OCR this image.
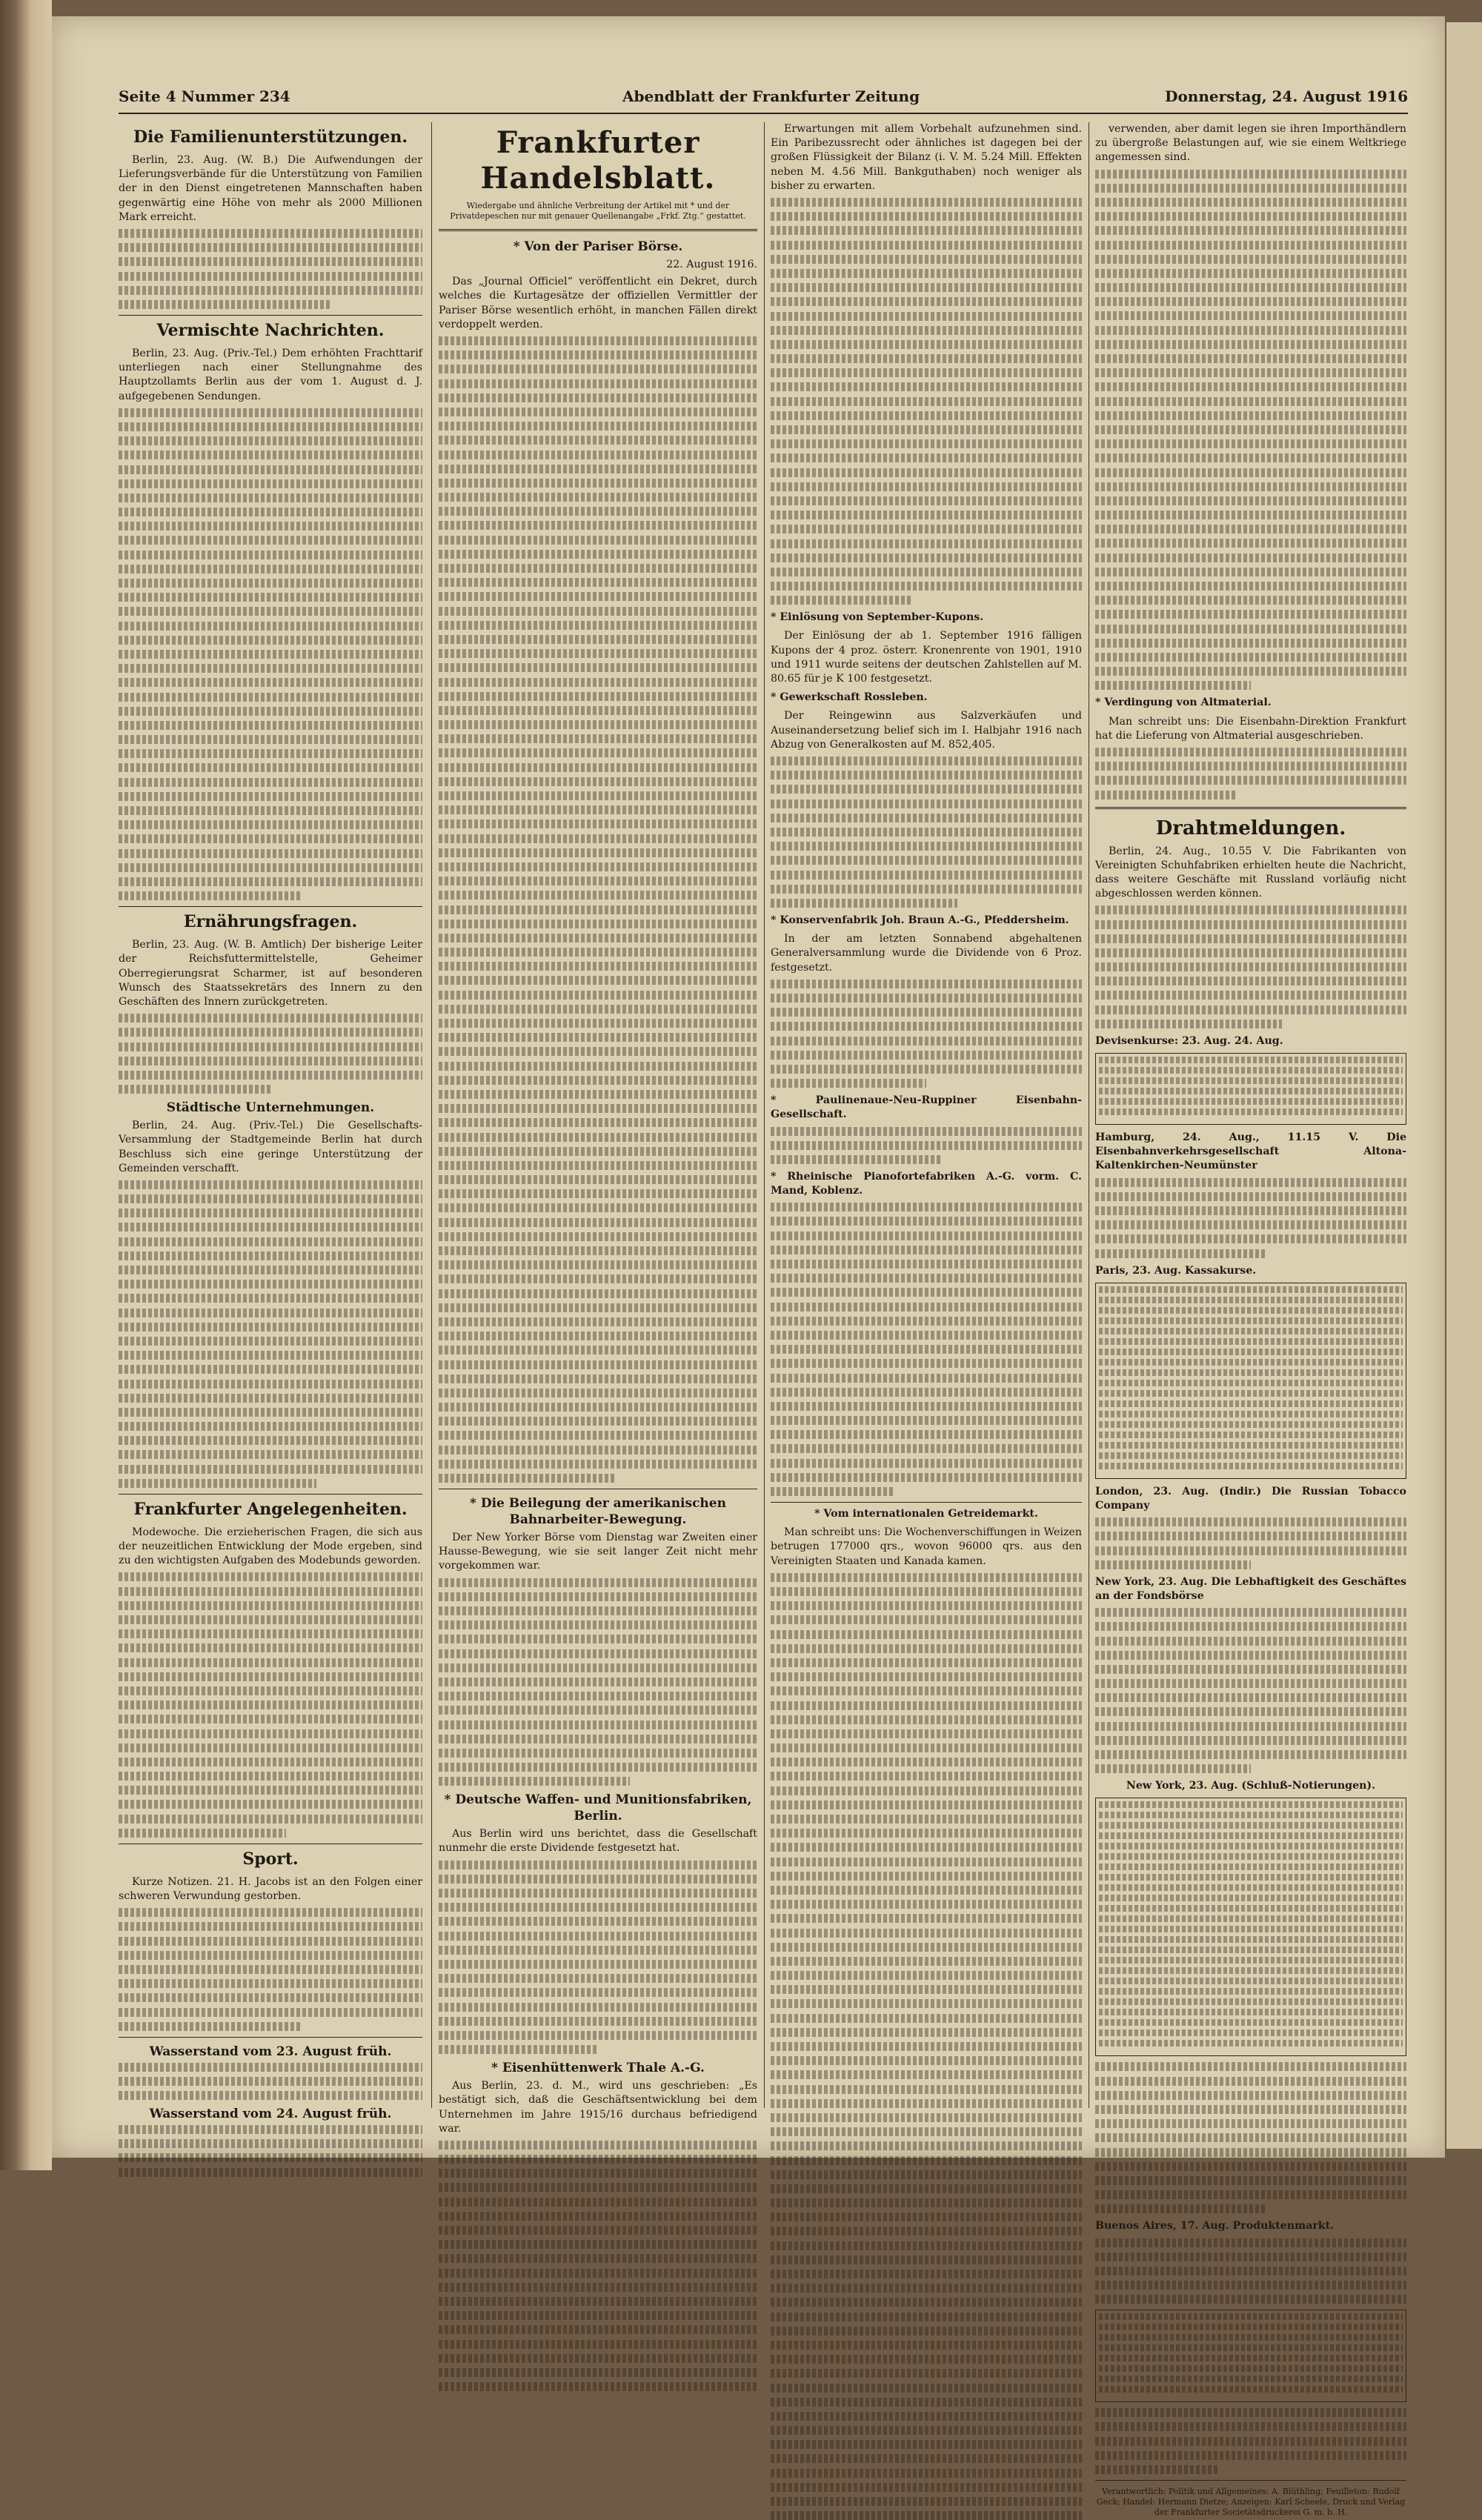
Seite 4 Nummer 234	Abendblatt der Frankfurter Zeitung	Donnerstag, 24. August 1916
Die Familienunterstützungen.

Berlin, 23. Aug. (W. B.) Die Aufwendungen der Lieferungsverbände für die Unterstützung von Familien der in den Dienst eingetretenen Mannschaften haben gegenwärtig eine Höhe von mehr als 2000 Millionen Mark erreicht.

Vermischte Nachrichten.

Berlin, 23. Aug. (Priv.-Tel.) Dem erhöhten Frachttarif unterliegen nach einer Stellungnahme des Hauptzollamts Berlin aus der vom 1. August d. J. aufgegebenen Sendungen.

Ernährungsfragen.

Berlin, 23. Aug. (W. B. Amtlich) Der bisherige Leiter der Reichsfuttermittelstelle, Geheimer Oberregierungsrat Scharmer, ist auf besonderen Wunsch des Staatssekretärs des Innern zu den Geschäften des Innern zurückgetreten.

Städtische Unternehmungen.

Berlin, 24. Aug. (Priv.-Tel.) Die Gesellschafts-Versammlung der Stadtgemeinde Berlin hat durch Beschluss sich eine geringe Unterstützung der Gemeinden verschafft.

Frankfurter Angelegenheiten.

Modewoche. Die erzieherischen Fragen, die sich aus der neuzeitlichen Entwicklung der Mode ergeben, sind zu den wichtigsten Aufgaben des Modebunds geworden.

Sport.

Kurze Notizen. 21. H. Jacobs ist an den Folgen einer schweren Verwundung gestorben.

Wasserstand vom 23. August früh.
Wasserstand vom 24. August früh.
Frankfurter Handelsblatt.
Wiedergabe und ähnliche Verbreitung der Artikel mit * und der Privatdepeschen nur mit genauer Quellenangabe „Frkf. Ztg.“ gestattet.
* Von der Pariser Börse.
22. August 1916.

Das „Journal Officiel“ veröffentlicht ein Dekret, durch welches die Kurtagesätze der offiziellen Vermittler der Pariser Börse wesentlich erhöht, in manchen Fällen direkt verdoppelt werden.

* Die Beilegung der amerikanischen Bahnarbeiter-Bewegung.

Der New Yorker Börse vom Dienstag war Zweiten einer Hausse-Bewegung, wie sie seit langer Zeit nicht mehr vorgekommen war.

* Deutsche Waffen- und Munitionsfabriken, Berlin.

Aus Berlin wird uns berichtet, dass die Gesellschaft nunmehr die erste Dividende festgesetzt hat.

* Eisenhüttenwerk Thale A.-G.

Aus Berlin, 23. d. M., wird uns geschrieben: „Es bestätigt sich, daß die Geschäftsentwicklung bei dem Unternehmen im Jahre 1915/16 durchaus befriedigend war.

Erwartungen mit allem Vorbehalt aufzunehmen sind. Ein Paribezussrecht oder ähnliches ist dagegen bei der großen Flüssigkeit der Bilanz (i. V. M. 5.24 Mill. Effekten neben M. 4.56 Mill. Bankguthaben) noch weniger als bisher zu erwarten.

* Einlösung von September-Kupons.

Der Einlösung der ab 1. September 1916 fälligen Kupons der 4 proz. österr. Kronenrente von 1901, 1910 und 1911 wurde seitens der deutschen Zahlstellen auf M. 80.65 für je K 100 festgesetzt.

* Gewerkschaft Rossleben.

Der Reingewinn aus Salzverkäufen und Auseinandersetzung belief sich im I. Halbjahr 1916 nach Abzug von Generalkosten auf M. 852,405.

* Konservenfabrik Joh. Braun A.-G., Pfeddersheim.

In der am letzten Sonnabend abgehaltenen Generalversammlung wurde die Dividende von 6 Proz. festgesetzt.

* Paulinenaue-Neu-Ruppiner Eisenbahn-Gesellschaft.

* Rheinische Pianofortefabriken A.-G. vorm. C. Mand, Koblenz.

* Vom internationalen Getreidemarkt.

Man schreibt uns: Die Wochenverschiffungen in Weizen betrugen 177000 qrs., wovon 96000 qrs. aus den Vereinigten Staaten und Kanada kamen.

verwenden, aber damit legen sie ihren Importhändlern zu übergroße Belastungen auf, wie sie einem Weltkriege angemessen sind.

* Verdingung von Altmaterial.

Man schreibt uns: Die Eisenbahn-Direktion Frankfurt hat die Lieferung von Altmaterial ausgeschrieben.

Drahtmeldungen.

Berlin, 24. Aug., 10.55 V. Die Fabrikanten von Vereinigten Schuhfabriken erhielten heute die Nachricht, dass weitere Geschäfte mit Russland vorläufig nicht abgeschlossen werden können.

Devisenkurse: 23. Aug. 24. Aug.

Hamburg, 24. Aug., 11.15 V. Die Eisenbahnverkehrsgesellschaft Altona-Kaltenkirchen-Neumünster

Paris, 23. Aug. Kassakurse.

London, 23. Aug. (Indir.) Die Russian Tobacco Company

New York, 23. Aug. Die Lebhaftigkeit des Geschäftes an der Fondsbörse

New York, 23. Aug. (Schluß-Notierungen).

Buenos Aires, 17. Aug. Produktenmarkt.

Verantwortlich: Politik und Allgemeines: A. Blüthling; Feuilleton: Rudolf Geck; Handel: Hermann Dietze; Anzeigen: Karl Scheele, Druck und Verlag der Frankfurter Societätsdruckerei G. m. b. H.
